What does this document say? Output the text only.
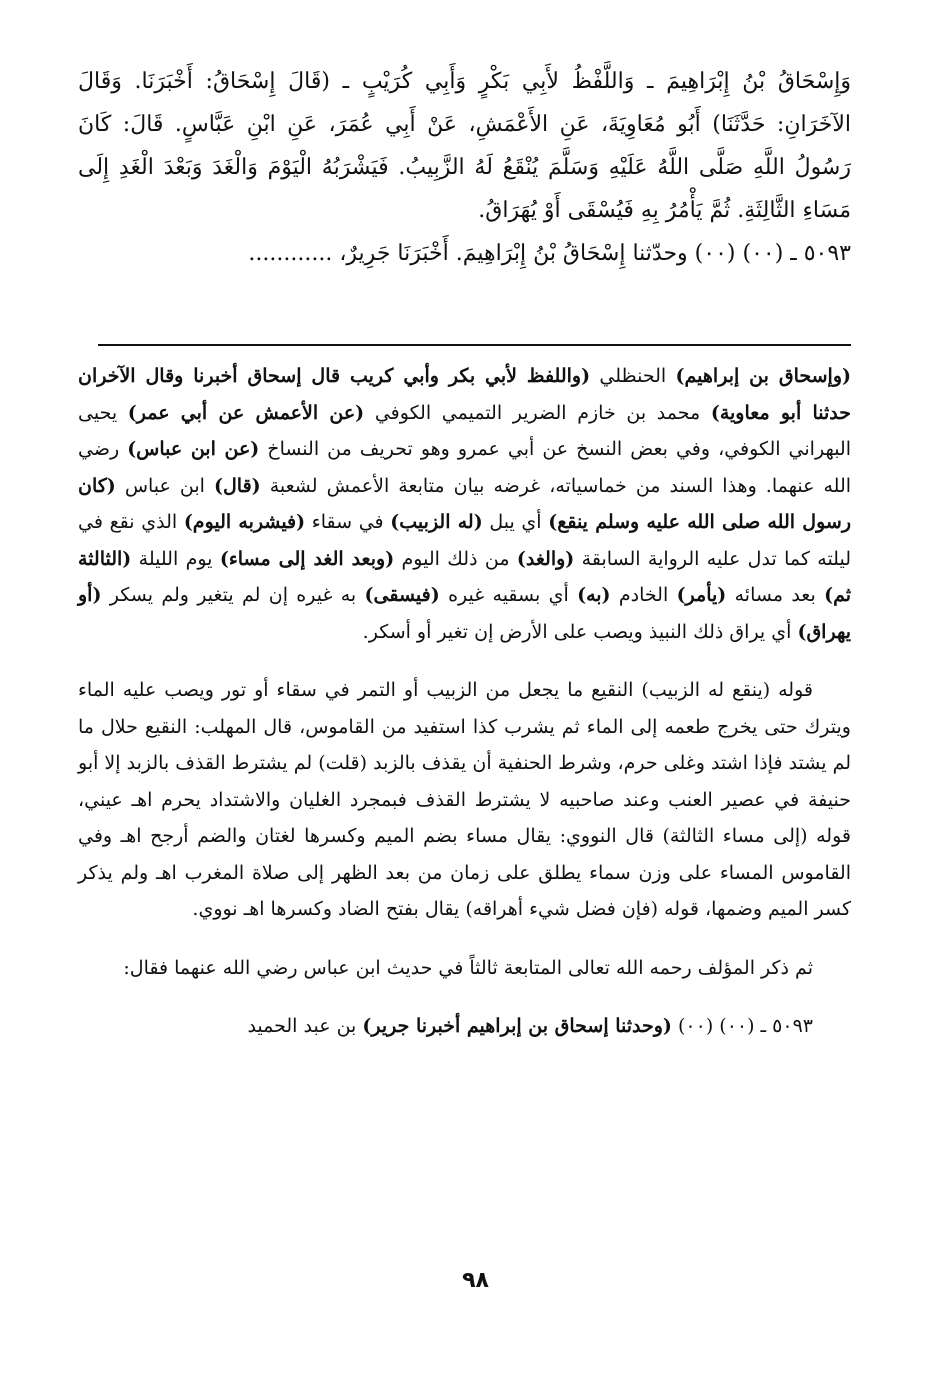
وَإِسْحَاقُ بْنُ إِبْرَاهِيمَ ـ وَاللَّفْظُ لأَبِي بَكْرٍ وَأَبِي كُرَيْبٍ ـ (قَالَ إِسْحَاقُ: أَخْبَرَنَا. وَقَالَ الآخَرَانِ: حَدَّثَنَا) أَبُو مُعَاوِيَةَ، عَنِ الأَعْمَشِ، عَنْ أَبِي عُمَرَ، عَنِ ابْنِ عَبَّاسٍ. قَالَ: كَانَ رَسُولُ اللَّهِ صَلَّى اللَّهُ عَلَيْهِ وَسَلَّمَ يُنْقَعُ لَهُ الزَّبِيبُ. فَيَشْرَبُهُ الْيَوْمَ وَالْغَدَ وَبَعْدَ الْغَدِ إِلَى مَسَاءِ الثَّالِثَةِ. ثُمَّ يَأْمُرُ بِهِ فَيُسْقَى أَوْ يُهَرَاقُ.

٥٠٩٣ ـ (٠٠) (٠٠) وحدّثنا إِسْحَاقُ بْنُ إِبْرَاهِيمَ. أَخْبَرَنَا جَرِيرٌ، ............

(وإسحاق بن إبراهيم) الحنظلي (واللفظ لأبي بكر وأبي كريب قال إسحاق أخبرنا وقال الآخران حدثنا أبو معاوية) محمد بن خازم الضرير التميمي الكوفي (عن الأعمش عن أبي عمر) يحيى البهراني الكوفي، وفي بعض النسخ عن أبي عمرو وهو تحريف من النساخ (عن ابن عباس) رضي الله عنهما. وهذا السند من خماسياته، غرضه بيان متابعة الأعمش لشعبة (قال) ابن عباس (كان رسول الله صلى الله عليه وسلم ينقع) أي يبل (له الزبيب) في سقاء (فيشربه اليوم) الذي نقع في ليلته كما تدل عليه الرواية السابقة (والغد) من ذلك اليوم (وبعد الغد إلى مساء) يوم الليلة (الثالثة ثم) بعد مسائه (يأمر) الخادم (به) أي بسقيه غيره (فيسقى) به غيره إن لم يتغير ولم يسكر (أو يهراق) أي يراق ذلك النبيذ ويصب على الأرض إن تغير أو أسكر.

قوله (ينقع له الزبيب) النقيع ما يجعل من الزبيب أو التمر في سقاء أو تور ويصب عليه الماء ويترك حتى يخرج طعمه إلى الماء ثم يشرب كذا استفيد من القاموس، قال المهلب: النقيع حلال ما لم يشتد فإذا اشتد وغلى حرم، وشرط الحنفية أن يقذف بالزبد (قلت) لم يشترط القذف بالزبد إلا أبو حنيفة في عصير العنب وعند صاحبيه لا يشترط القذف فبمجرد الغليان والاشتداد يحرم اهـ عيني، قوله (إلى مساء الثالثة) قال النووي: يقال مساء بضم الميم وكسرها لغتان والضم أرجح اهـ وفي القاموس المساء على وزن سماء يطلق على زمان من بعد الظهر إلى صلاة المغرب اهـ ولم يذكر كسر الميم وضمها، قوله (فإن فضل شيء أهراقه) يقال بفتح الضاد وكسرها اهـ نووي.

ثم ذكر المؤلف رحمه الله تعالى المتابعة ثالثاً في حديث ابن عباس رضي الله عنهما فقال:

٥٠٩٣ ـ (٠٠) (٠٠) (وحدثنا إسحاق بن إبراهيم أخبرنا جرير) بن عبد الحميد

٩٨
